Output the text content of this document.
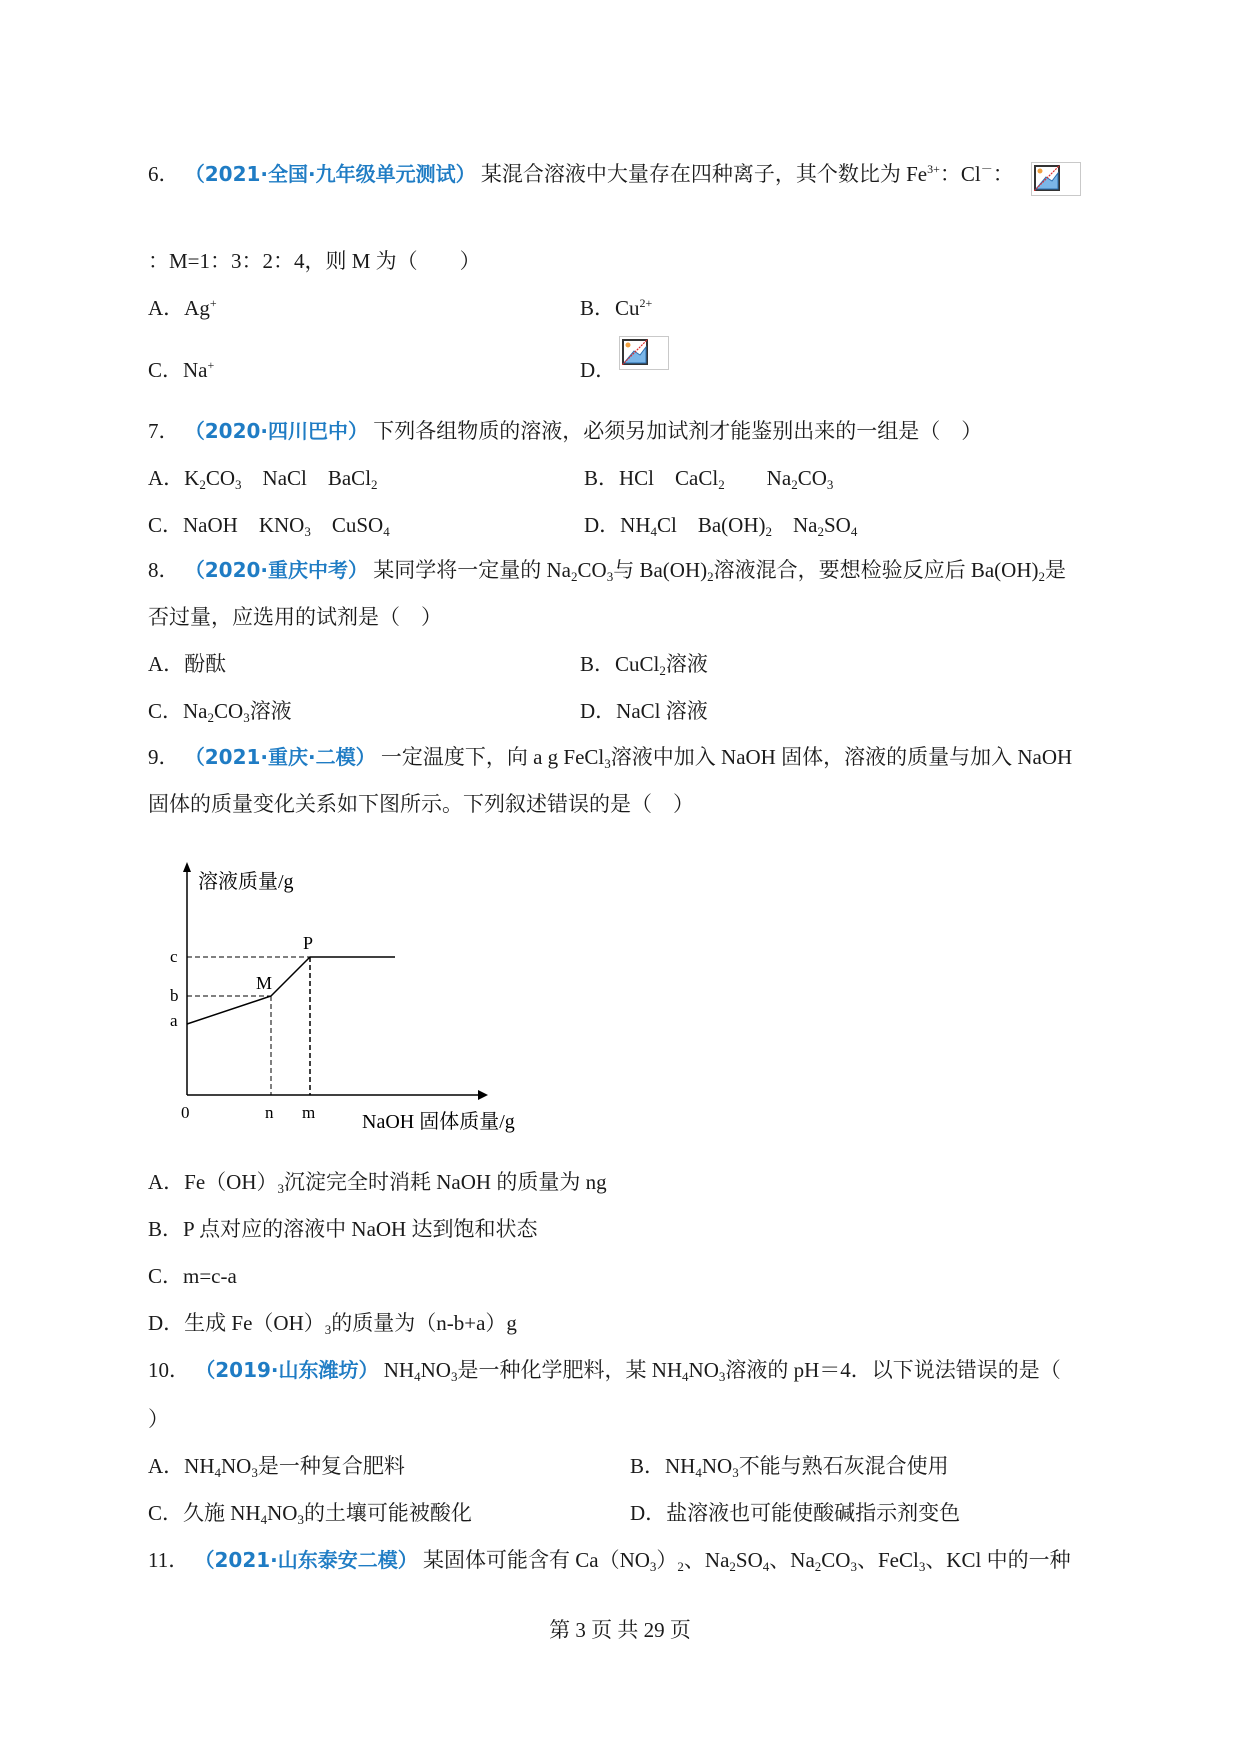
6． （2021·全国·九年级单元测试） 某混合溶液中大量存在四种离子，其个数比为 $Fe^{3+}$：Cl－：
：M=1：3：2：4，则 M 为（　　）
A．Ag+	B．$Cu^{2+}$
C．Na+	D．
7． （2020·四川巴中） 下列各组物质的溶液，必须另加试剂才能鉴别出来的一组是（　）
A．$K_2CO_3$　NaCl　BaCl$_2$	B．HCl　CaCl$_2$　　$Na_2CO_3$
C．NaOH　$KNO_3$　CuSO$_4$	D．$NH_4Cl$　$Ba(OH)_2$　$Na_2SO_4$
8． （2020·重庆中考） 某同学将一定量的 $Na_2CO_3$与 $Ba(OH)_2$溶液混合，要想检验反应后 $Ba(OH)_2$是
否过量，应选用的试剂是（　）
A．酚酞	B．CuCl$_2$溶液
C．$Na_2CO_3$溶液	D．NaCl 溶液
9． （2021·重庆·二模） 一定温度下，向 a g FeCl$_3$溶液中加入 NaOH 固体，溶液的质量与加入 NaOH
固体的质量变化关系如下图所示。下列叙述错误的是（　）
溶液质量/g
c
b
a
M
P
0	n m NaOH 固体质量/g
A．$Fe(OH)_3$沉淀完全时消耗 NaOH 的质量为 ng
B．P 点对应的溶液中 NaOH 达到饱和状态
C．m=c-a
D．生成 $Fe(OH)_3$的质量为（n-b+a）g
10． （2019·山东潍坊） $NH_4NO_3$是一种化学肥料，某 $NH_4NO_3$溶液的 pH＝4．以下说法错误的是（
）
A．$NH_4NO_3$是一种复合肥料	B．$NH_4NO_3$不能与熟石灰混合使用
C．久施 $NH_4NO_3$的土壤可能被酸化	D．盐溶液也可能使酸碱指示剂变色
11． （2021·山东泰安二模） 某固体可能含有 $Ca(NO_3)_2$、$Na_2SO_4$、$Na_2CO_3$、FeCl$_3$、KCl 中的一种
第 3 页 共 29 页
